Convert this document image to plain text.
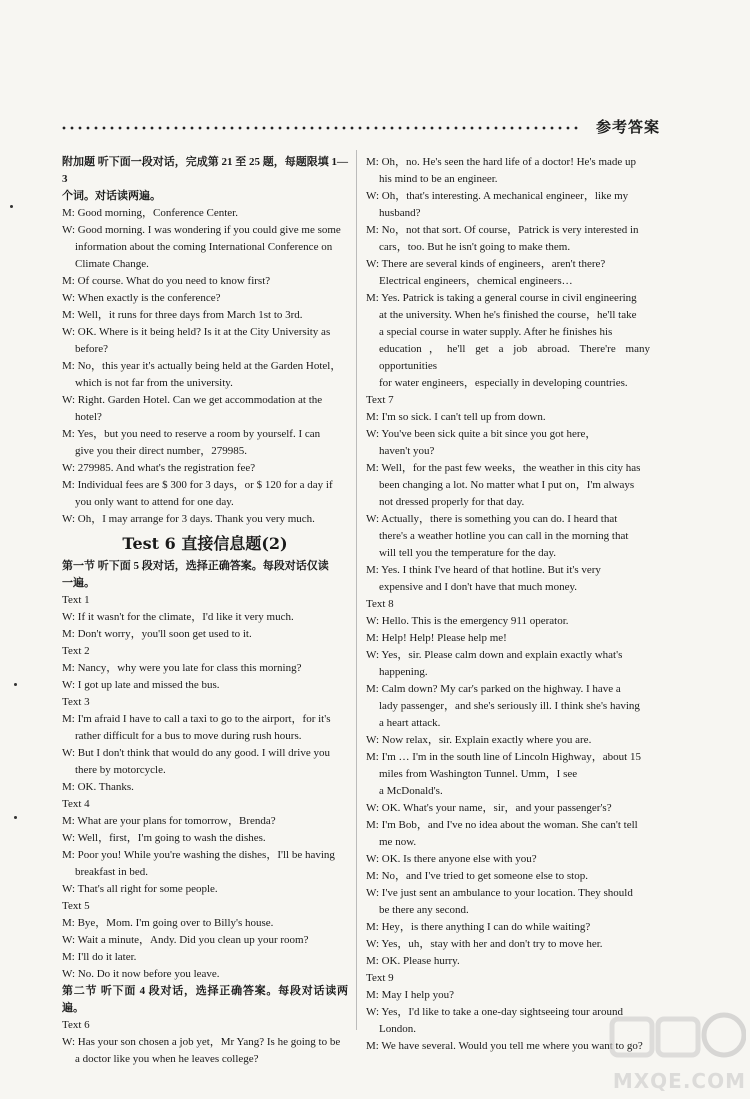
参考答案
附加题 听下面一段对话，完成第 21 至 25 题，每题限填 1—3
个词。对话读两遍。
M: Good morning，Conference Center.
W: Good morning. I was wondering if you could give me some
information about the coming International Conference on
Climate Change.
M: Of course. What do you need to know first?
W: When exactly is the conference?
M: Well，it runs for three days from March 1st to 3rd.
W: OK. Where is it being held? Is it at the City University as
before?
M: No，this year it's actually being held at the Garden Hotel，
which is not far from the university.
W: Right. Garden Hotel. Can we get accommodation at the
hotel?
M: Yes，but you need to reserve a room by yourself. I can
give you their direct number，279985.
W: 279985. And what's the registration fee?
M: Individual fees are $ 300 for 3 days，or $ 120 for a day if
you only want to attend for one day.
W: Oh，I may arrange for 3 days. Thank you very much.
Test 6 直接信息题(2)
第一节 听下面 5 段对话，选择正确答案。每段对话仅读
一遍。
Text 1
W: If it wasn't for the climate，I'd like it very much.
M: Don't worry，you'll soon get used to it.
Text 2
M: Nancy，why were you late for class this morning?
W: I got up late and missed the bus.
Text 3
M: I'm afraid I have to call a taxi to go to the airport，for it's
rather difficult for a bus to move during rush hours.
W: But I don't think that would do any good. I will drive you
there by motorcycle.
M: OK. Thanks.
Text 4
M: What are your plans for tomorrow，Brenda?
W: Well，first，I'm going to wash the dishes.
M: Poor you! While you're washing the dishes，I'll be having
breakfast in bed.
W: That's all right for some people.
Text 5
M: Bye，Mom. I'm going over to Billy's house.
W: Wait a minute，Andy. Did you clean up your room?
M: I'll do it later.
W: No. Do it now before you leave.
第二节 听下面 4 段对话，选择正确答案。每段对话读两遍。
Text 6
W: Has your son chosen a job yet，Mr Yang? Is he going to be
a doctor like you when he leaves college?
M: Oh，no. He's seen the hard life of a doctor! He's made up
his mind to be an engineer.
W: Oh，that's interesting. A mechanical engineer，like my
husband?
M: No，not that sort. Of course，Patrick is very interested in
cars，too. But he isn't going to make them.
W: There are several kinds of engineers，aren't there?
Electrical engineers，chemical engineers…
M: Yes. Patrick is taking a general course in civil engineering
at the university. When he's finished the course，he'll take
a special course in water supply. After he finishes his
education，he'll get a job abroad. There're many opportunities
for water engineers，especially in developing countries.
Text 7
M: I'm so sick. I can't tell up from down.
W: You've been sick quite a bit since you got here，
haven't you?
M: Well，for the past few weeks，the weather in this city has
been changing a lot. No matter what I put on，I'm always
not dressed properly for that day.
W: Actually，there is something you can do. I heard that
there's a weather hotline you can call in the morning that
will tell you the temperature for the day.
M: Yes. I think I've heard of that hotline. But it's very
expensive and I don't have that much money.
Text 8
W: Hello. This is the emergency 911 operator.
M: Help! Help! Please help me!
W: Yes，sir. Please calm down and explain exactly what's
happening.
M: Calm down? My car's parked on the highway. I have a
lady passenger，and she's seriously ill. I think she's having
a heart attack.
W: Now relax，sir. Explain exactly where you are.
M: I'm … I'm in the south line of Lincoln Highway，about 15
miles from Washington Tunnel. Umm，I see
a McDonald's.
W: OK. What's your name，sir，and your passenger's?
M: I'm Bob，and I've no idea about the woman. She can't tell
me now.
W: OK. Is there anyone else with you?
M: No，and I've tried to get someone else to stop.
W: I've just sent an ambulance to your location. They should
be there any second.
M: Hey，is there anything I can do while waiting?
W: Yes，uh，stay with her and don't try to move her.
M: OK. Please hurry.
Text 9
M: May I help you?
W: Yes，I'd like to take a one-day sightseeing tour around
London.
M: We have several. Would you tell me where you want to go?
MXQE.COM
